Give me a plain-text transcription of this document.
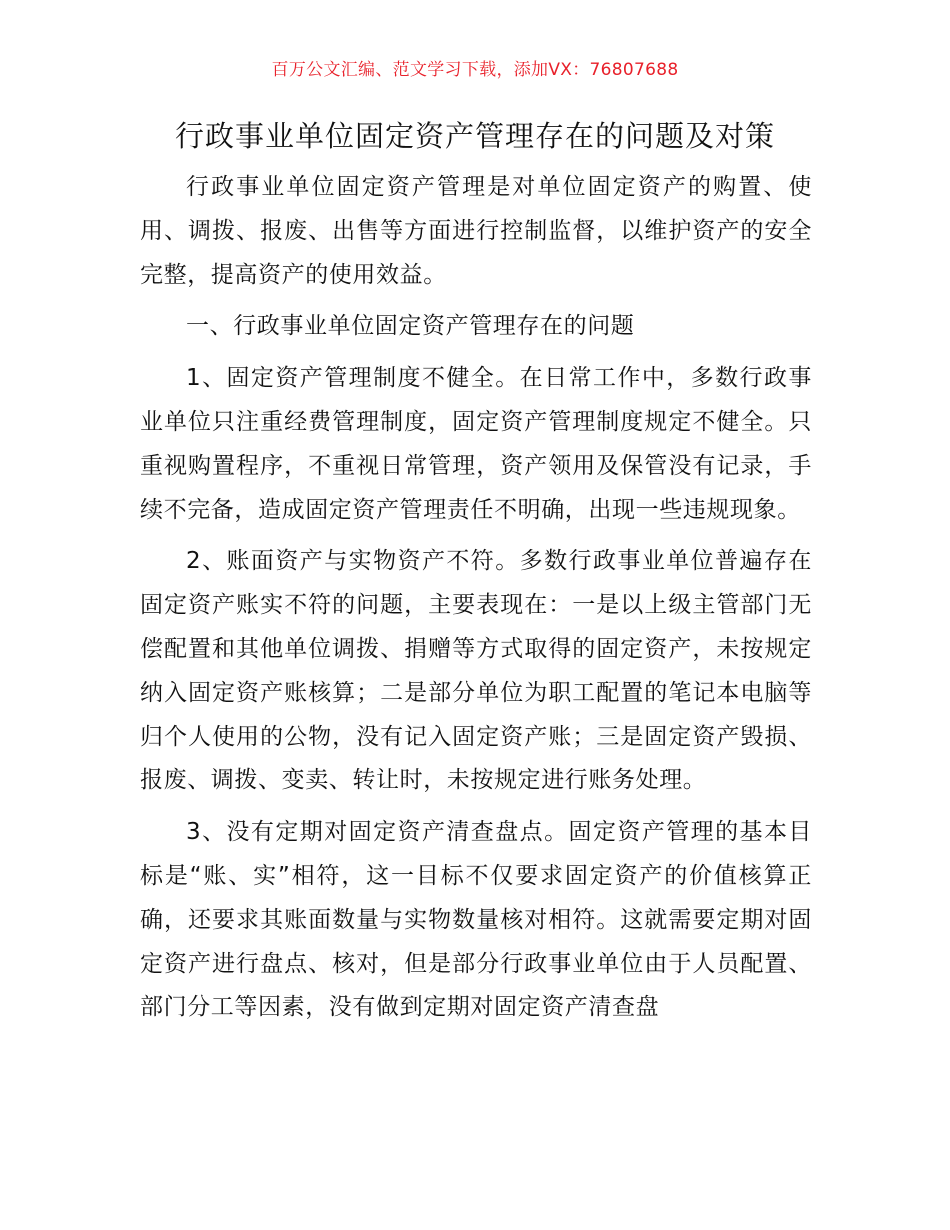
百万公文汇编、范文学习下载，添加VX：76807688
行政事业单位固定资产管理存在的问题及对策

行政事业单位固定资产管理是对单位固定资产的购置、使用、调拨、报废、出售等方面进行控制监督，以维护资产的安全完整，提高资产的使用效益。

一、行政事业单位固定资产管理存在的问题

1、固定资产管理制度不健全。在日常工作中，多数行政事业单位只注重经费管理制度，固定资产管理制度规定不健全。只重视购置程序，不重视日常管理，资产领用及保管没有记录，手续不完备，造成固定资产管理责任不明确，出现一些违规现象。

2、账面资产与实物资产不符。多数行政事业单位普遍存在固定资产账实不符的问题，主要表现在：一是以上级主管部门无偿配置和其他单位调拨、捐赠等方式取得的固定资产，未按规定纳入固定资产账核算；二是部分单位为职工配置的笔记本电脑等归个人使用的公物，没有记入固定资产账；三是固定资产毁损、报废、调拨、变卖、转让时，未按规定进行账务处理。

3、没有定期对固定资产清查盘点。固定资产管理的基本目标是“账、实”相符，这一目标不仅要求固定资产的价值核算正确，还要求其账面数量与实物数量核对相符。这就需要定期对固定资产进行盘点、核对，但是部分行政事业单位由于人员配置、部门分工等因素，没有做到定期对固定资产清查盘
